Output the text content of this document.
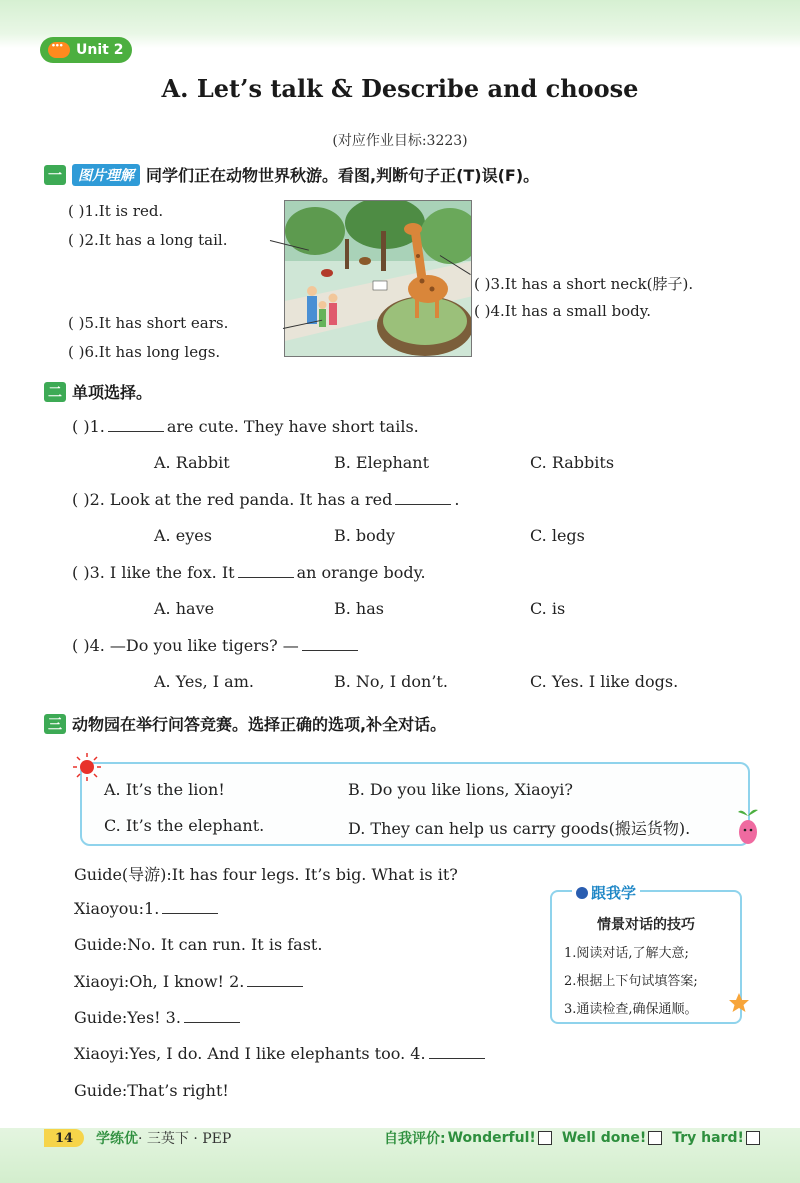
···
Unit 2
A. Let’s talk & Describe and choose
(对应作业目标:3223)
一	图片理解 同学们正在动物世界秋游。看图,判断句子正(T)误(F)。
( )1.It is red.
( )2.It has a long tail.
( )3.It has a short neck(脖子).
( )4.It has a small body.
( )5.It has short ears.
( )6.It has long legs.
二 单项选择。
( )1.	are cute. They have short tails.
A. Rabbit	B. Elephant	C. Rabbits
( )2. Look at the red panda. It has a red	.
A. eyes	B. body	C. legs
( )3. I like the fox. It	an orange body.
A. have	B. has	C. is
( )4. —Do you like tigers? —
A. Yes, I am.	B. No, I don’t.	C. Yes. I like dogs.
三 动物园在举行问答竞赛。选择正确的选项,补全对话。
A. It’s the lion!	B. Do you like lions, Xiaoyi?
C. It’s the elephant.	D. They can help us carry goods(搬运货物).
Guide(导游):It has four legs. It’s big. What is it?
Xiaoyou:1.
Guide:No. It can run. It is fast.
Xiaoyi:Oh, I know! 2.
Guide:Yes! 3.
Xiaoyi:Yes, I do. And I like elephants too. 4.
Guide:That’s right!
跟我学
情景对话的技巧
1.阅读对话,了解大意;
2.根据上下句试填答案;
3.通读检查,确保通顺。
14	学练优· 三英下 · PEP	自我评价: Wonderful! Well done! Try hard!
